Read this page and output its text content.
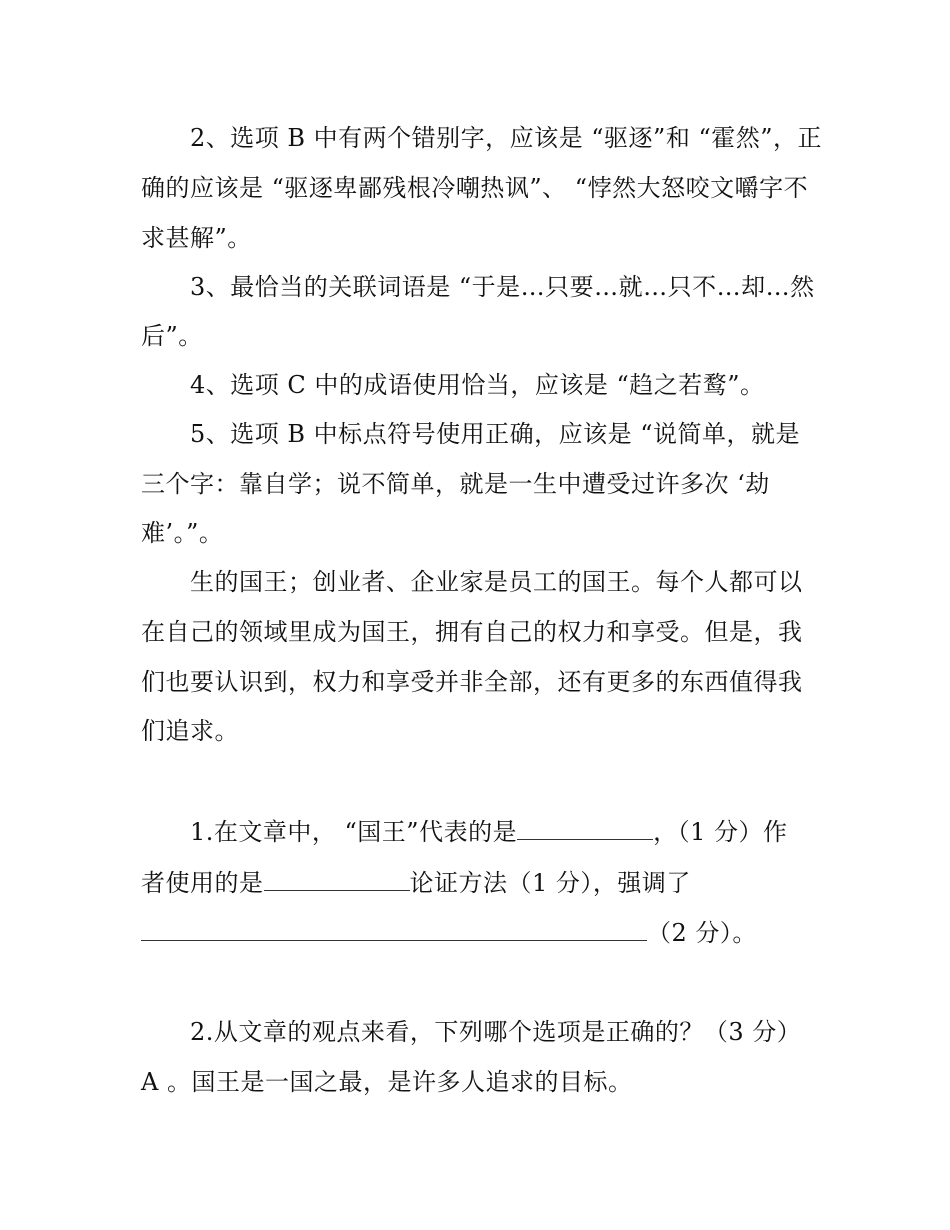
2、选项 B 中有两个错别字，应该是 “驱逐”和 “霍然”，正
确的应该是 “驱逐卑鄙残根冷嘲热讽”、 “悖然大怒咬文嚼字不
求甚解”。
3、最恰当的关联词语是 “于是…只要…就…只不…却…然
后”。
4、选项 C 中的成语使用恰当，应该是 “趋之若鹜”。
5、选项 B 中标点符号使用正确，应该是 “说简单，就是
三个字：靠自学；说不简单，就是一生中遭受过许多次 ‘劫
难’。”。
生的国王；创业者、企业家是员工的国王。每个人都可以
在自己的领域里成为国王，拥有自己的权力和享受。但是，我
们也要认识到，权力和享受并非全部，还有更多的东西值得我
们追求。
1.在文章中， “国王”代表的是	，（1 分）作
者使用的是	论证方法（1 分），强调了
（2 分）。
2.从文章的观点来看，下列哪个选项是正确的？（3 分）
A 。国王是一国之最，是许多人追求的目标。
